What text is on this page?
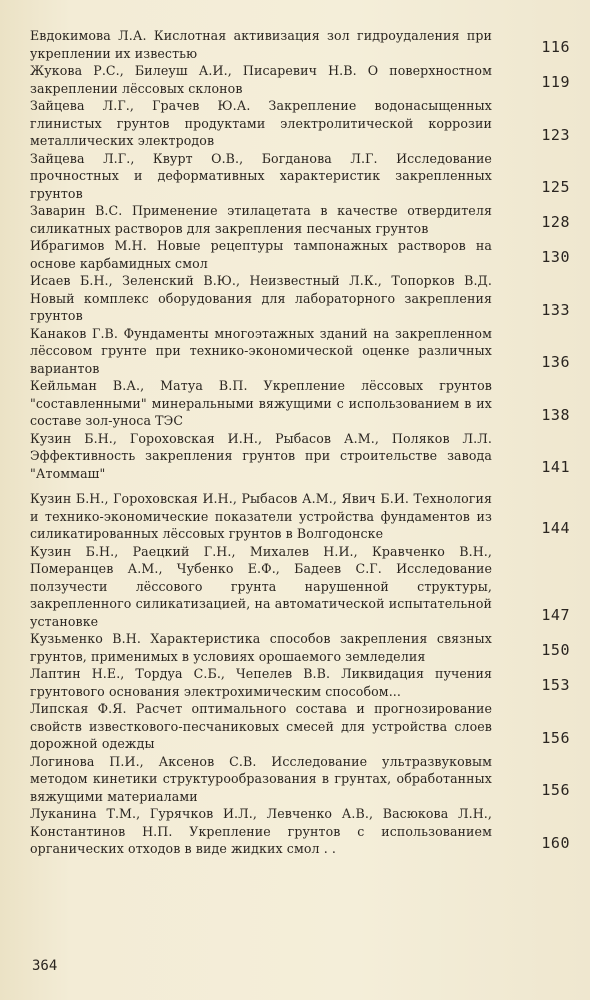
Евдокимова Л.А. Кислотная активизация зол гидроудаления при укреплении их известью	116
Жукова Р.С., Билеуш А.И., Писаревич Н.В. О поверхностном закреплении лёссовых склонов	119
Зайцева Л.Г., Грачев Ю.А. Закрепление водонасыщенных глинистых грунтов продуктами электролитической коррозии металлических электродов	123
Зайцева Л.Г., Квурт О.В., Богданова Л.Г. Исследование прочностных и деформативных характеристик закрепленных грунтов	125
Заварин В.С. Применение этилацетата в качестве отвердителя силикатных растворов для закрепления песчаных грунтов	128
Ибрагимов М.Н. Новые рецептуры тампонажных растворов на основе карбамидных смол	130
Исаев Б.Н., Зеленский В.Ю., Неизвестный Л.К., Топорков В.Д. Новый комплекс оборудования для лабораторного закрепления грунтов	133
Канаков Г.В. Фундаменты многоэтажных зданий на закрепленном лёссовом грунте при технико-экономической оценке различных вариантов	136
Кейльман В.А., Матуа В.П. Укрепление лёссовых грунтов "составленными" минеральными вяжущими с использованием в их составе зол-уноса ТЭС	138
Кузин Б.Н., Гороховская И.Н., Рыбасов А.М., Поляков Л.Л. Эффективность закрепления грунтов при строительстве завода "Атоммаш"	141
Кузин Б.Н., Гороховская И.Н., Рыбасов А.М., Явич Б.И. Технология и технико-экономические показатели устройства фундаментов из силикатированных лёссовых грунтов в Волгодонске	144
Кузин Б.Н., Раецкий Г.Н., Михалев Н.И., Кравченко В.Н., Померанцев А.М., Чубенко Е.Ф., Бадеев С.Г. Исследование ползучести лёссового грунта нарушенной структуры, закрепленного силикатизацией, на автоматической испытательной установке	147
Кузьменко В.Н. Характеристика способов закрепления связных грунтов, применимых в условиях орошаемого земледелия	150
Лаптин Н.Е., Тордуа С.Б., Чепелев В.В. Ликвидация пучения грунтового основания электрохимическим способом...	153
Липская Ф.Я. Расчет оптимального состава и прогнозирование свойств известкового-песчаниковых смесей для устройства слоев дорожной одежды	156
Логинова П.И., Аксенов С.В. Исследование ультразвуковым методом кинетики структурообразования в грунтах, обработанных вяжущими материалами	156
Луканина Т.М., Гурячков И.Л., Левченко А.В., Васюкова Л.Н., Константинов Н.П. Укрепление грунтов с использованием органических отходов в виде жидких смол . .	160
364
